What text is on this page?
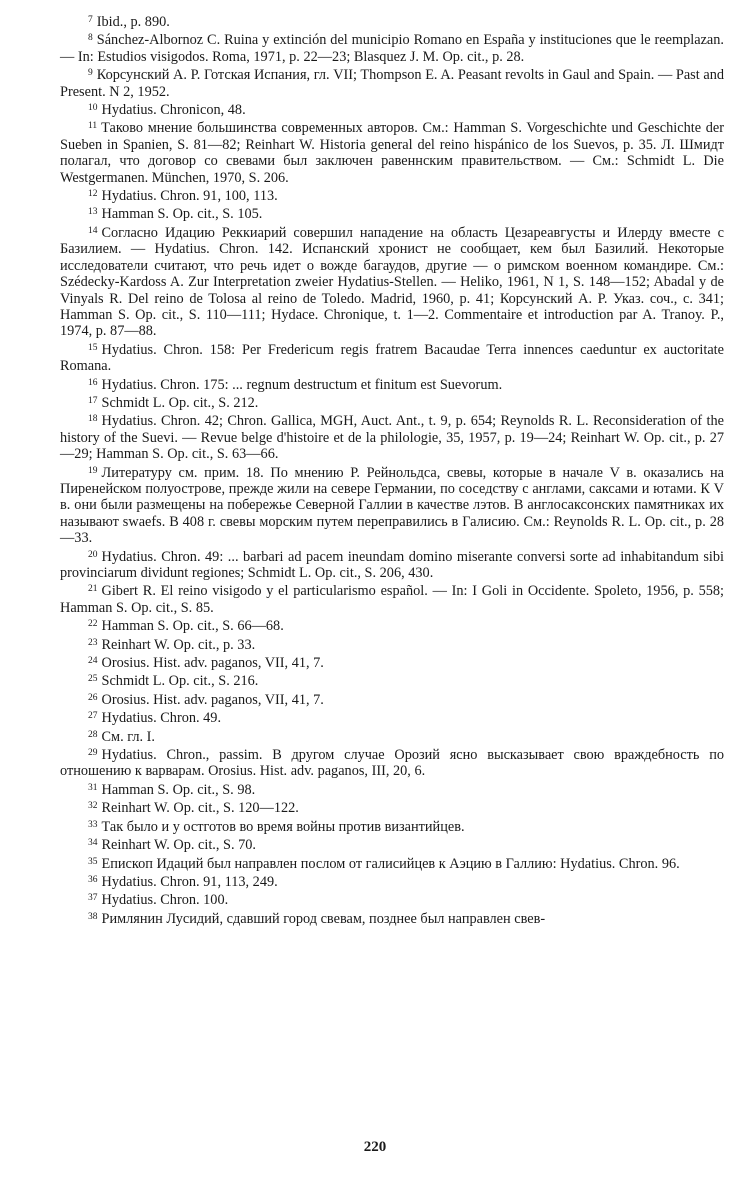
7 Ibid., p. 890.

8 Sánchez-Albornoz C. Ruina y extinción del municipio Romano en España y instituciones que le reemplazan. — In: Estudios visigodos. Roma, 1971, p. 22—23; Blasquez J. M. Op. cit., p. 28.

9 Корсунский А. Р. Готская Испания, гл. VII; Thompson E. A. Peasant revolts in Gaul and Spain. — Past and Present. N 2, 1952.

10 Hydatius. Chronicon, 48.

11 Таково мнение большинства современных авторов. См.: Hamman S. Vorgeschichte und Geschichte der Sueben in Spanien, S. 81—82; Reinhart W. Historia general del reino hispánico de los Suevos, p. 35. Л. Шмидт полагал, что договор со свевами был заключен равеннским правительством. — См.: Schmidt L. Die Westgermanen. München, 1970, S. 206.

12 Hydatius. Chron. 91, 100, 113.

13 Hamman S. Op. cit., S. 105.

14 Согласно Идацию Реккиарий совершил нападение на область Цезареавгусты и Илерду вместе с Базилием. — Hydatius. Chron. 142. Испанский хронист не сообщает, кем был Базилий. Некоторые исследователи считают, что речь идет о вожде багаудов, другие — о римском военном командире. См.: Szédecky-Kardoss A. Zur Interpretation zweier Hydatius-Stellen. — Heliko, 1961, N 1, S. 148—152; Abadal y de Vinyals R. Del reino de Tolosa al reino de Toledo. Madrid, 1960, p. 41; Корсунский А. Р. Указ. соч., с. 341; Hamman S. Op. cit., S. 110—111; Hydace. Chronique, t. 1—2. Commentaire et introduction par A. Tranoy. P., 1974, p. 87—88.

15 Hydatius. Chron. 158: Per Fredericum regis fratrem Bacaudae Terra innences caeduntur ex auctoritate Romana.

16 Hydatius. Chron. 175: ... regnum destructum et finitum est Suevorum.

17 Schmidt L. Op. cit., S. 212.

18 Hydatius. Chron. 42; Chron. Gallica, MGH, Auct. Ant., t. 9, p. 654; Reynolds R. L. Reconsideration of the history of the Suevi. — Revue belge d'histoire et de la philologie, 35, 1957, p. 19—24; Reinhart W. Op. cit., p. 27—29; Hamman S. Op. cit., S. 63—66.

19 Литературу см. прим. 18. По мнению Р. Рейнольдса, свевы, которые в начале V в. оказались на Пиренейском полуострове, прежде жили на севере Германии, по соседству с англами, саксами и ютами. К V в. они были размещены на побережье Северной Галлии в качестве лэтов. В англосаксонских памятниках их называют swaefs. В 408 г. свевы морским путем переправились в Галисию. См.: Reynolds R. L. Op. cit., p. 28—33.

20 Hydatius. Chron. 49: ... barbari ad pacem ineundam domino miserante conversi sorte ad inhabitandum sibi provinciarum dividunt regiones; Schmidt L. Op. cit., S. 206, 430.

21 Gibert R. El reino visigodo y el particularismo español. — In: I Goli in Occidente. Spoleto, 1956, p. 558; Hamman S. Op. cit., S. 85.

22 Hamman S. Op. cit., S. 66—68.

23 Reinhart W. Op. cit., p. 33.

24 Orosius. Hist. adv. paganos, VII, 41, 7.

25 Schmidt L. Op. cit., S. 216.

26 Orosius. Hist. adv. paganos, VII, 41, 7.

27 Hydatius. Chron. 49.

28 См. гл. I.

29 Hydatius. Chron., passim. В другом случае Орозий ясно высказывает свою враждебность по отношению к варварам. Orosius. Hist. adv. paganos, III, 20, 6.

31 Hamman S. Op. cit., S. 98.

32 Reinhart W. Op. cit., S. 120—122.

33 Так было и у остготов во время войны против византийцев.

34 Reinhart W. Op. cit., S. 70.

35 Епископ Идаций был направлен послом от галисийцев к Аэцию в Галлию: Hydatius. Chron. 96.

36 Hydatius. Chron. 91, 113, 249.

37 Hydatius. Chron. 100.

38 Римлянин Лусидий, сдавший город свевам, позднее был направлен свев-

220
